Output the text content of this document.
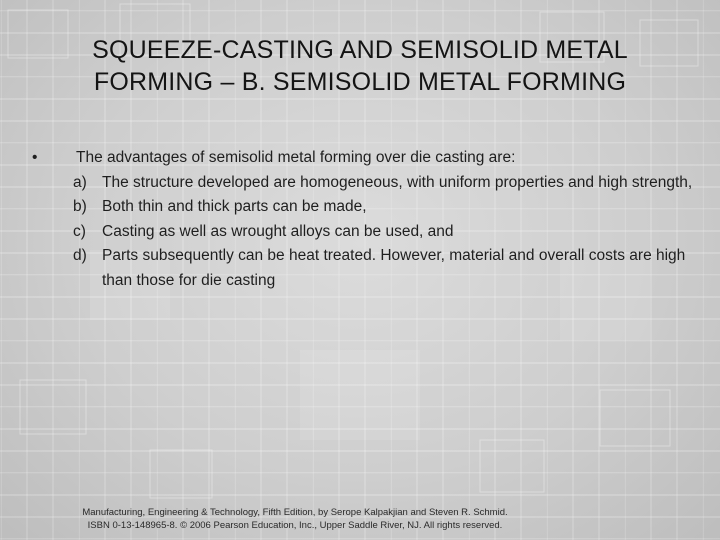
SQUEEZE-CASTING AND SEMISOLID METAL
FORMING – B. SEMISOLID METAL FORMING
•	The advantages of semisolid metal forming over die casting are:
a) The structure developed are homogeneous, with uniform properties and high strength,
b) Both thin and thick parts can be made,
c)	Casting as well as wrought alloys can be used, and
d) Parts subsequently can be heat treated. However, material and overall costs are high than those for die casting
Manufacturing, Engineering & Technology, Fifth Edition, by Serope Kalpakjian and Steven R. Schmid.
ISBN 0-13-148965-8. © 2006 Pearson Education, Inc., Upper Saddle River, NJ. All rights reserved.
